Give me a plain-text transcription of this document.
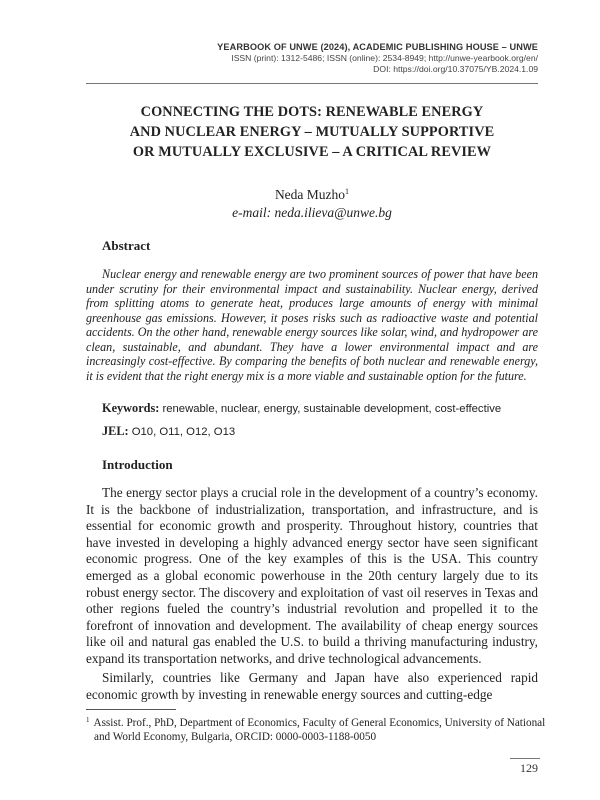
YEARBOOK OF UNWE (2024), ACADEMIC PUBLISHING HOUSE – UNWE
ISSN (print): 1312-5486; ISSN (online): 2534-8949; http://unwe-yearbook.org/en/
DOI: https://doi.org/10.37075/YB.2024.1.09
CONNECTING THE DOTS: RENEWABLE ENERGY
AND NUCLEAR ENERGY – MUTUALLY SUPPORTIVE
OR MUTUALLY EXCLUSIVE – A CRITICAL REVIEW
Neda Muzho$^1$
e-mail: neda.ilieva@unwe.bg
Abstract

Nuclear energy and renewable energy are two prominent sources of power that have been under scrutiny for their environmental impact and sustainability. Nuclear energy, derived from splitting atoms to generate heat, produces large amounts of energy with minimal greenhouse gas emissions. However, it poses risks such as radioactive waste and potential accidents. On the other hand, renewable energy sources like solar, wind, and hydropower are clean, sustainable, and abundant. They have a lower environmental impact and are increasingly cost-effective. By comparing the benefits of both nuclear and renewable energy, it is evident that the right energy mix is a more viable and sustainable option for the future.

Keywords: renewable, nuclear, energy, sustainable development, cost-effective
JEL: O10, O11, O12, O13
Introduction

The energy sector plays a crucial role in the development of a country’s economy. It is the backbone of industrialization, transportation, and infrastructure, and is essential for economic growth and prosperity. Throughout history, countries that have invested in developing a highly advanced energy sector have seen significant economic progress. One of the key examples of this is the USA. This country emerged as a global economic powerhouse in the 20th century largely due to its robust energy sector. The discovery and exploitation of vast oil reserves in Texas and other regions fueled the country’s industrial revolution and propelled it to the forefront of innovation and development. The availability of cheap energy sources like oil and natural gas enabled the U.S. to build a thriving manufacturing industry, expand its transportation networks, and drive technological advancements.

Similarly, countries like Germany and Japan have also experienced rapid economic growth by investing in renewable energy sources and cutting-edge

$^1$ Assist. Prof., PhD, Department of Economics, Faculty of General Economics, University of National and World Economy, Bulgaria, ORCID: 0000-0003-1188-0050

129
